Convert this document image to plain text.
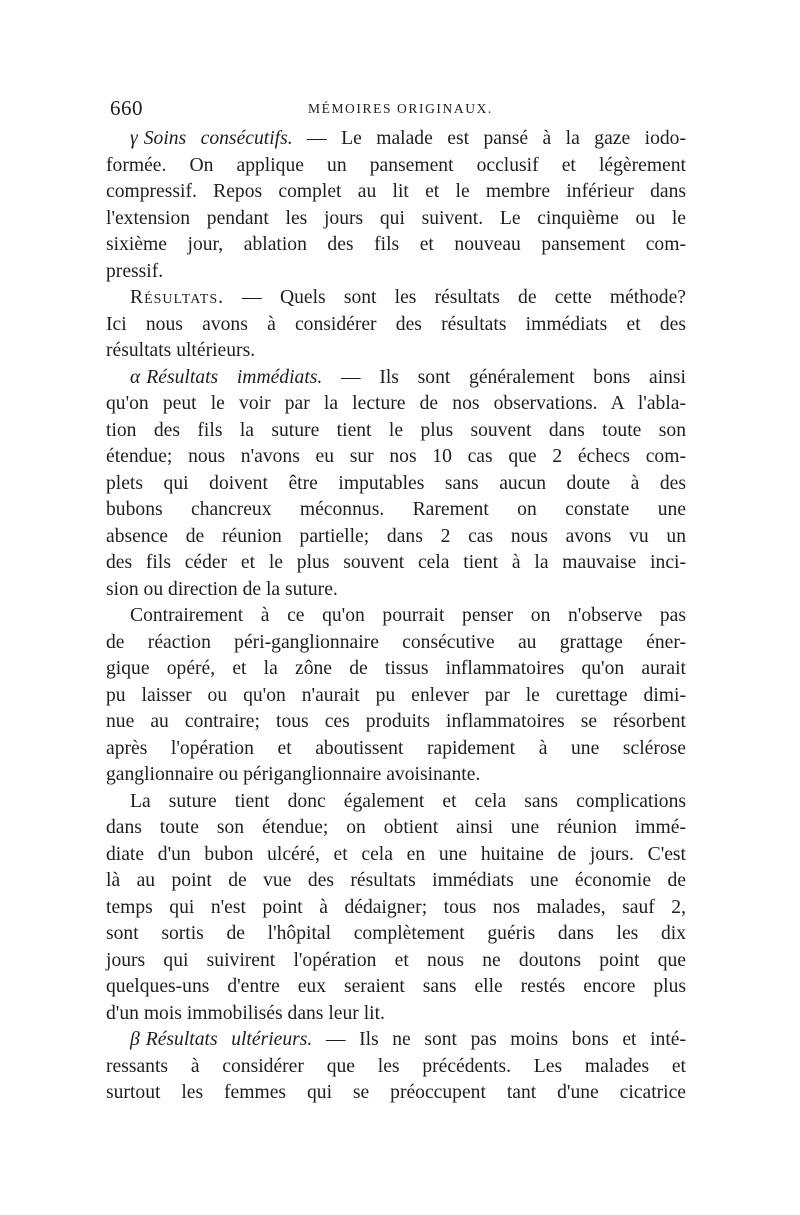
660	MÉMOIRES ORIGINAUX.
γ Soins consécutifs. — Le malade est pansé à la gaze iodo-
formée. On applique un pansement occlusif et légèrement
compressif. Repos complet au lit et le membre inférieur dans
l'extension pendant les jours qui suivent. Le cinquième ou le
sixième jour, ablation des fils et nouveau pansement com-
pressif.
Résultats. — Quels sont les résultats de cette méthode?
Ici nous avons à considérer des résultats immédiats et des
résultats ultérieurs.
α Résultats immédiats. — Ils sont généralement bons ainsi
qu'on peut le voir par la lecture de nos observations. A l'abla-
tion des fils la suture tient le plus souvent dans toute son
étendue; nous n'avons eu sur nos 10 cas que 2 échecs com-
plets qui doivent être imputables sans aucun doute à des
bubons chancreux méconnus. Rarement on constate une
absence de réunion partielle; dans 2 cas nous avons vu un
des fils céder et le plus souvent cela tient à la mauvaise inci-
sion ou direction de la suture.
Contrairement à ce qu'on pourrait penser on n'observe pas
de réaction péri-ganglionnaire consécutive au grattage éner-
gique opéré, et la zône de tissus inflammatoires qu'on aurait
pu laisser ou qu'on n'aurait pu enlever par le curettage dimi-
nue au contraire; tous ces produits inflammatoires se résorbent
après l'opération et aboutissent rapidement à une sclérose
ganglionnaire ou périganglionnaire avoisinante.
La suture tient donc également et cela sans complications
dans toute son étendue; on obtient ainsi une réunion immé-
diate d'un bubon ulcéré, et cela en une huitaine de jours. C'est
là au point de vue des résultats immédiats une économie de
temps qui n'est point à dédaigner; tous nos malades, sauf 2,
sont sortis de l'hôpital complètement guéris dans les dix
jours qui suivirent l'opération et nous ne doutons point que
quelques-uns d'entre eux seraient sans elle restés encore plus
d'un mois immobilisés dans leur lit.
β Résultats ultérieurs. — Ils ne sont pas moins bons et inté-
ressants à considérer que les précédents. Les malades et
surtout les femmes qui se préoccupent tant d'une cicatrice
